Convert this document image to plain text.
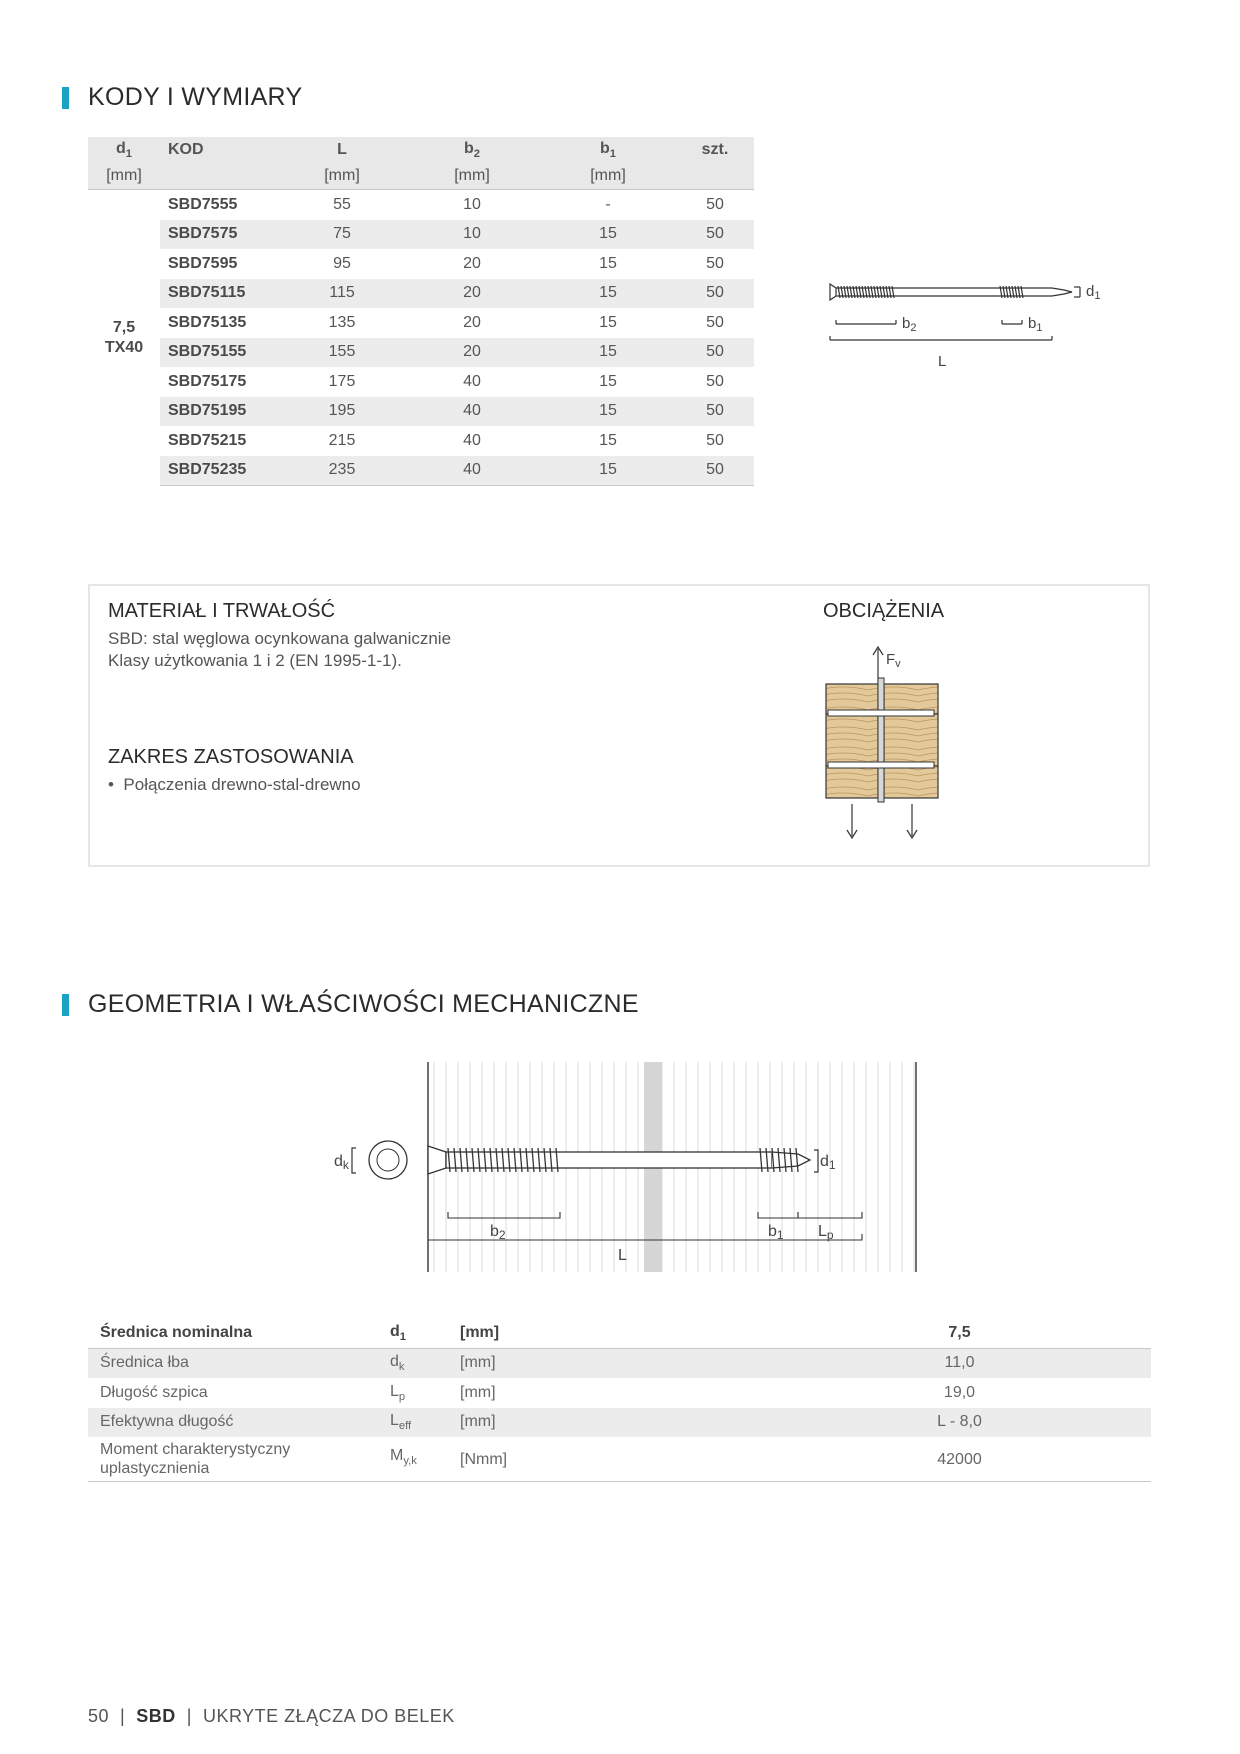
KODY I WYMIARY
$d_1$	KOD	L	$b_2$	$b_1$	szt.
[mm]		[mm]	[mm]	[mm]	

7,5
TX40	SBD7555	55	10	-	50
	SBD7575	75	10	15	50
	SBD7595	95	20	15	50
	SBD75115	115	20	15	50
	SBD75135	135	20	15	50
	SBD75155	155	20	15	50
	SBD75175	175	40	15	50
	SBD75195	195	40	15	50
	SBD75215	215	40	15	50
	SBD75235	235	40	15	50
$d_1$
$b_2$	$b_1$
L
MATERIAŁ I TRWAŁOŚĆ
SBD: stal węglowa ocynkowana galwanicznie
Klasy użytkowania 1 i 2 (EN 1995-1-1).
ZAKRES ZASTOSOWANIA
•  Połączenia drewno-stal-drewno
OBCIĄŻENIA
$F_v$
GEOMETRIA I WŁAŚCIWOŚCI MECHANICZNE
dk	d1
b2	b1 Lp
L
Średnica nominalna	$d_1$	[mm]	7,5
Średnica łba	$d_k$	[mm]	11,0
Długość szpica	$L_p$	[mm]	19,0
Efektywna długość	$L_{eff}$	[mm]	L - 8,0

Moment charakterystyczny
uplastycznienia	$M_{y,k}$	[Nmm]	42000
50 | SBD | UKRYTE ZŁĄCZA DO BELEK
